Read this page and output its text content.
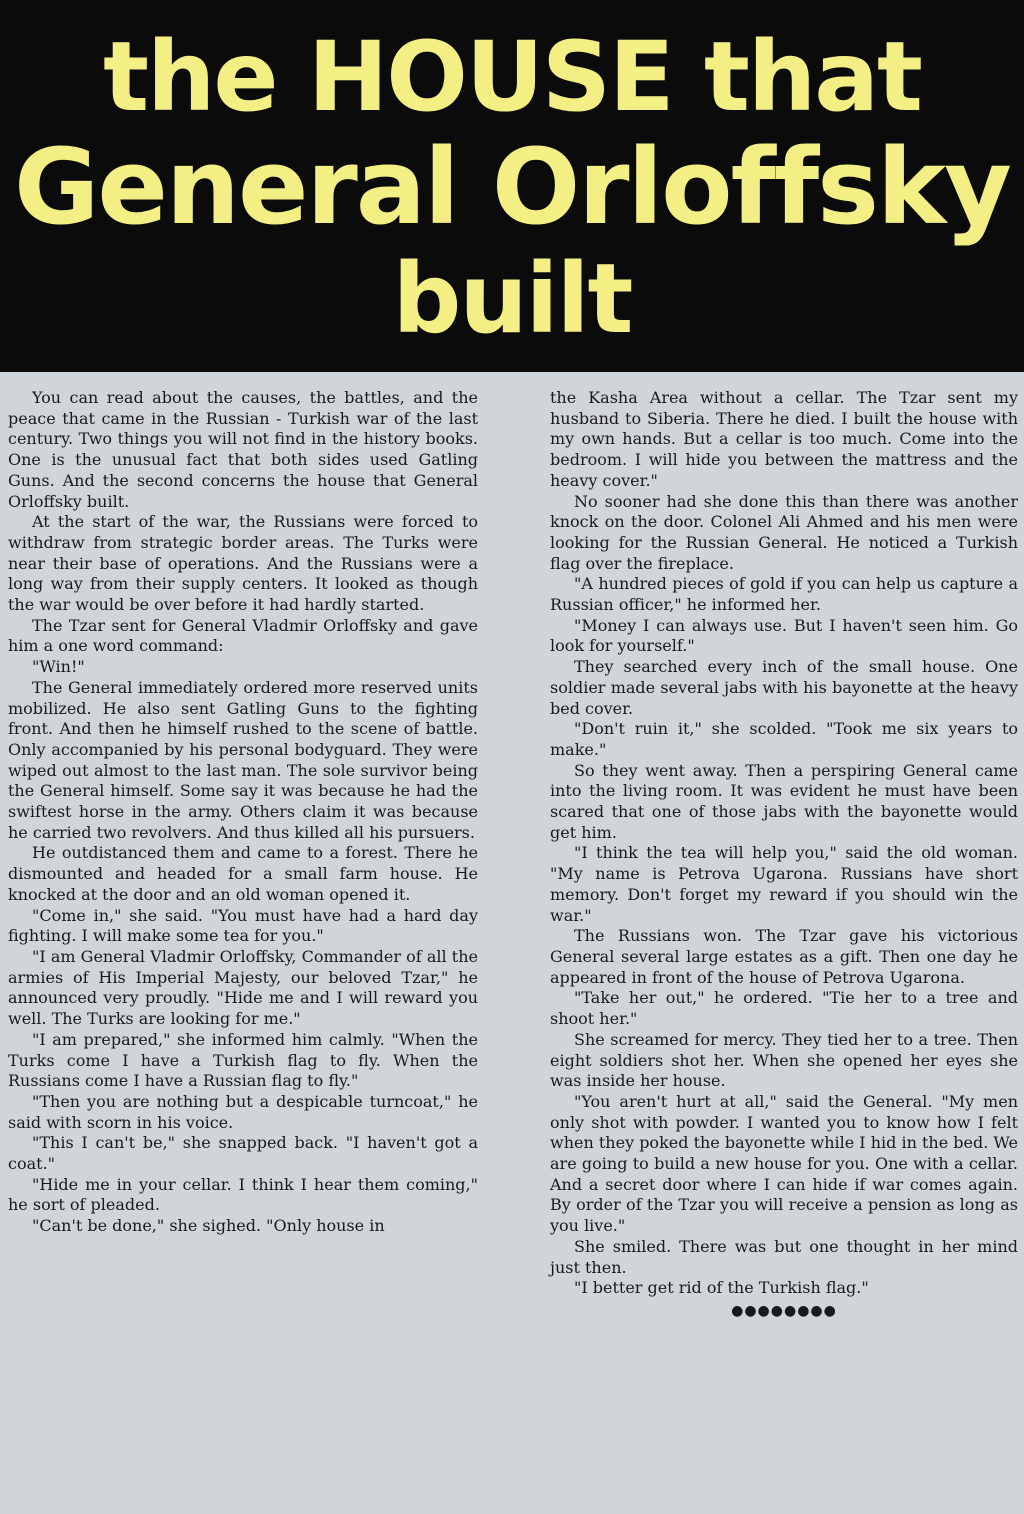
the HOUSE that
General Orloffsky
built

You can read about the causes, the battles, and the peace that came in the Russian - Turkish war of the last century. Two things you will not find in the history books. One is the unusual fact that both sides used Gatling Guns. And the second concerns the house that General Orloffsky built.

At the start of the war, the Russians were forced to withdraw from strategic border areas. The Turks were near their base of operations. And the Russians were a long way from their supply centers. It looked as though the war would be over before it had hardly started.

The Tzar sent for General Vladmir Orloffsky and gave him a one word command:

"Win!"

The General immediately ordered more reserved units mobilized. He also sent Gatling Guns to the fighting front. And then he himself rushed to the scene of battle. Only accompanied by his personal bodyguard. They were wiped out almost to the last man. The sole survivor being the General himself. Some say it was because he had the swiftest horse in the army. Others claim it was because he carried two revolvers. And thus killed all his pursuers.

He outdistanced them and came to a forest. There he dismounted and headed for a small farm house. He knocked at the door and an old woman opened it.

"Come in," she said. "You must have had a hard day fighting. I will make some tea for you."

"I am General Vladmir Orloffsky, Commander of all the armies of His Imperial Majesty, our beloved Tzar," he announced very proudly. "Hide me and I will reward you well. The Turks are looking for me."

"I am prepared," she informed him calmly. "When the Turks come I have a Turkish flag to fly. When the Russians come I have a Russian flag to fly."

"Then you are nothing but a despicable turncoat," he said with scorn in his voice.

"This I can't be," she snapped back. "I haven't got a coat."

"Hide me in your cellar. I think I hear them coming," he sort of pleaded.

"Can't be done," she sighed. "Only house in

the Kasha Area without a cellar. The Tzar sent my husband to Siberia. There he died. I built the house with my own hands. But a cellar is too much. Come into the bedroom. I will hide you between the mattress and the heavy cover."

No sooner had she done this than there was another knock on the door. Colonel Ali Ahmed and his men were looking for the Russian General. He noticed a Turkish flag over the fireplace.

"A hundred pieces of gold if you can help us capture a Russian officer," he informed her.

"Money I can always use. But I haven't seen him. Go look for yourself."

They searched every inch of the small house. One soldier made several jabs with his bayonette at the heavy bed cover.

"Don't ruin it," she scolded. "Took me six years to make."

So they went away. Then a perspiring General came into the living room. It was evident he must have been scared that one of those jabs with the bayonette would get him.

"I think the tea will help you," said the old woman. "My name is Petrova Ugarona. Russians have short memory. Don't forget my reward if you should win the war."

The Russians won. The Tzar gave his victorious General several large estates as a gift. Then one day he appeared in front of the house of Petrova Ugarona.

"Take her out," he ordered. "Tie her to a tree and shoot her."

She screamed for mercy. They tied her to a tree. Then eight soldiers shot her. When she opened her eyes she was inside her house.

"You aren't hurt at all," said the General. "My men only shot with powder. I wanted you to know how I felt when they poked the bayonette while I hid in the bed. We are going to build a new house for you. One with a cellar. And a secret door where I can hide if war comes again. By order of the Tzar you will receive a pension as long as you live."

She smiled. There was but one thought in her mind just then.

"I better get rid of the Turkish flag."

●●●●●●●●
